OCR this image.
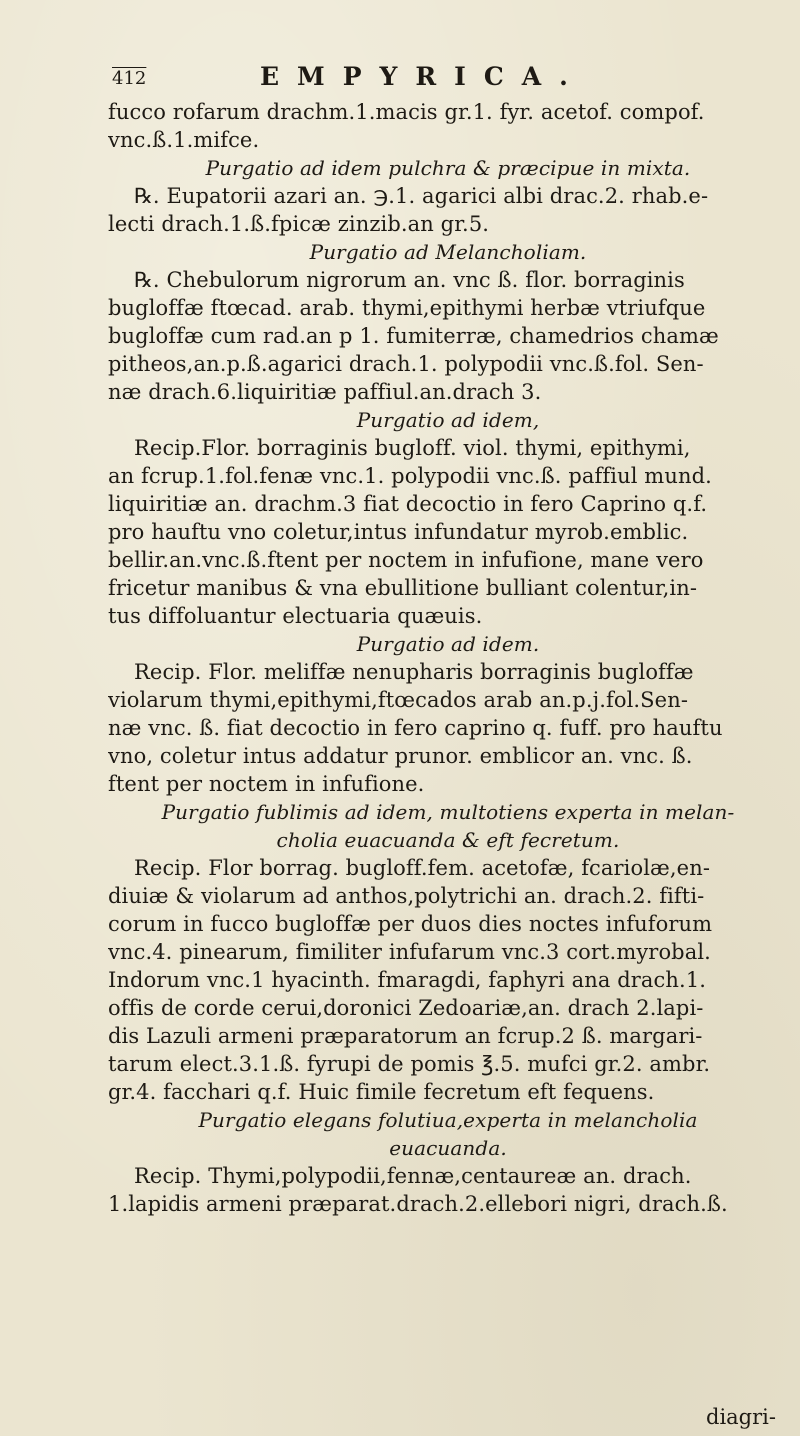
412	EMPYRICA.
fucco rofarum drachm.1.macis gr.1. fyr. acetof. compof.
vnc.ß.1.mifce.
Purgatio ad idem pulchra & præcipue in mixta.
℞. Eupatorii azari an. ℈.1. agarici albi drac.2. rhab.e-
lecti drach.1.ß.fpicæ zinzib.an gr.5.
Purgatio ad Melancholiam.
℞. Chebulorum nigrorum an. vnc ß. flor. borraginis
bugloffæ ftœcad. arab. thymi,epithymi herbæ vtriufque
bugloffæ cum rad.an p 1. fumiterræ, chamedrios chamæ
pitheos,an.p.ß.agarici drach.1. polypodii vnc.ß.fol. Sen-
næ drach.6.liquiritiæ paffiul.an.drach 3.
Purgatio ad idem,
Recip.Flor. borraginis bugloff. viol. thymi, epithymi,
an fcrup.1.fol.fenæ vnc.1. polypodii vnc.ß. paffiul mund.
liquiritiæ an. drachm.3 fiat decoctio in fero Caprino q.f.
pro hauftu vno coletur,intus infundatur myrob.emblic.
bellir.an.vnc.ß.ftent per noctem in infufione, mane vero
fricetur manibus & vna ebullitione bulliant colentur,in-
tus diffoluantur electuaria quæuis.
Purgatio ad idem.
Recip. Flor. meliffæ nenupharis borraginis bugloffæ
violarum thymi,epithymi,ftœcados arab an.p.j.fol.Sen-
næ vnc. ß. fiat decoctio in fero caprino q. fuff. pro hauftu
vno, coletur intus addatur prunor. emblicor an. vnc. ß.
ftent per noctem in infufione.
Purgatio fublimis ad idem, multotiens experta in melan-
cholia euacuanda & eft fecretum.
Recip. Flor borrag. bugloff.fem. acetofæ, fcariolæ,en-
diuiæ & violarum ad anthos,polytrichi an. drach.2. fifti-
corum in fucco bugloffæ per duos dies noctes infuforum
vnc.4. pinearum, fimiliter infufarum vnc.3 cort.myrobal.
Indorum vnc.1 hyacinth. fmaragdi, faphyri ana drach.1.
offis de corde cerui,doronici Zedoariæ,an. drach 2.lapi-
dis Lazuli armeni præparatorum an fcrup.2 ß. margari-
tarum elect.3.1.ß. fyrupi de pomis ℥.5. mufci gr.2. ambr.
gr.4. facchari q.f. Huic fimile fecretum eft fequens.
Purgatio elegans folutiua,experta in melancholia
euacuanda.
Recip. Thymi,polypodii,fennæ,centaureæ an. drach.
1.lapidis armeni præparat.drach.2.ellebori nigri, drach.ß.
diagri-
